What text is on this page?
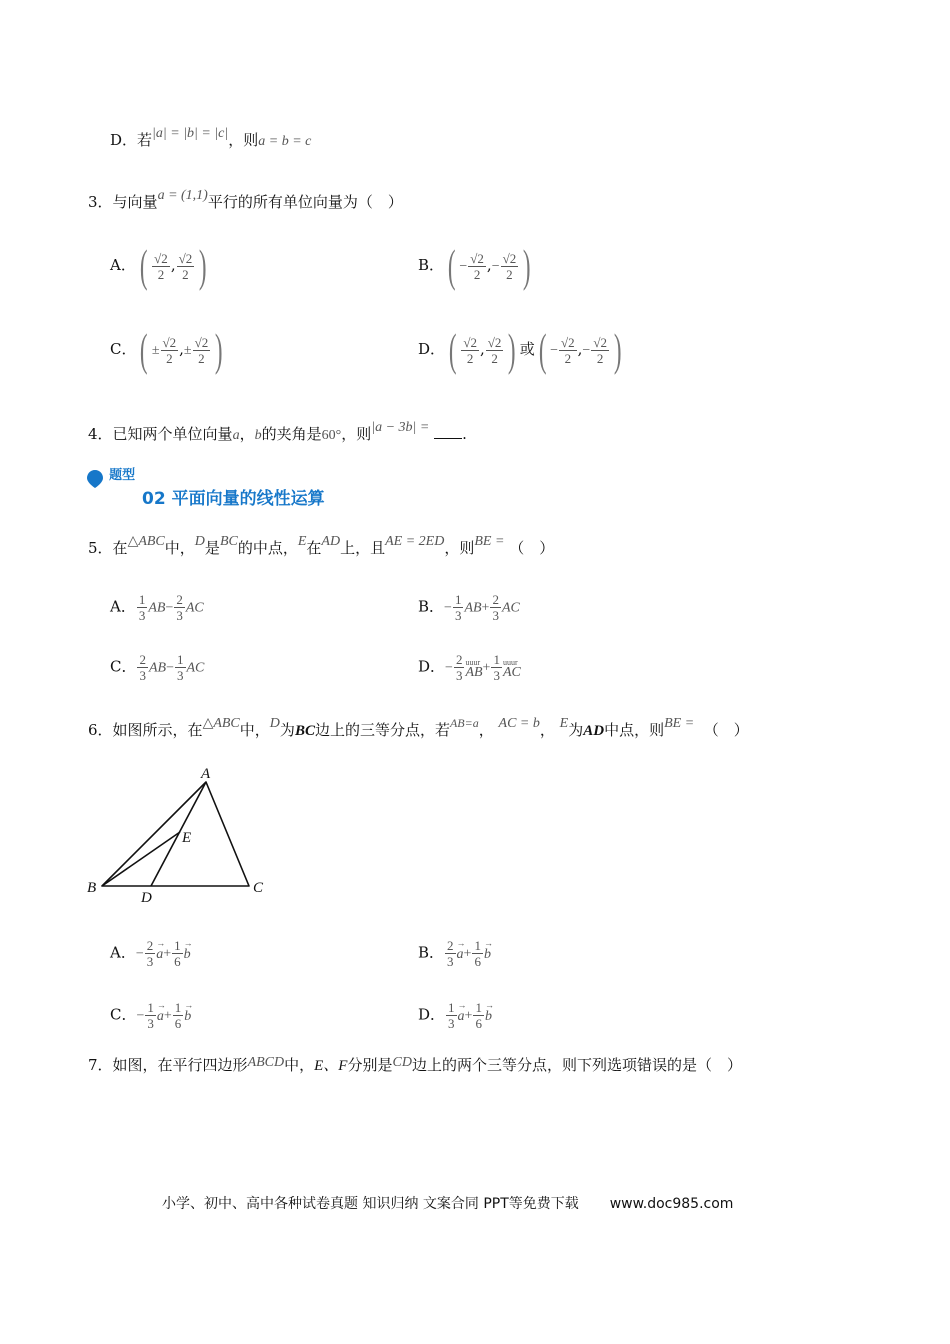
D．若|a| = |b| = |c|，则a = b = c
3．与向量a = (1,1)平行的所有单位向量为（　）
A．( $\frac{√2}{2}$ , $\frac{√2}{2}$ )	B．( − $\frac{√2}{2}$ ,− $\frac{√2}{2}$ )
C．( ± $\frac{√2}{2}$ ,± $\frac{√2}{2}$ )	D．( $\frac{√2}{2}$ , $\frac{√2}{2}$ ) 或( − $\frac{√2}{2}$ ,− $\frac{√2}{2}$ )
4．已知两个单位向量a，b的夹角是60°，则|a − 3b| = .
$^{题型}$
02 平面向量的线性运算
5．在△ABC中，D是BC的中点，E在AD上，且AE = 2ED，则BE = （　）
A． $\frac{1}{3} AB- \frac{2}{3}$ AC	B．− $\frac{1}{3} AB+ \frac{2}{3}$ AC
C． $\frac{2}{3} AB- \frac{1}{3}$ AC	D．− $\frac{2}{3}$ uuur
AB + $\frac{1}{3}$ uuur
AC
6．如图所示，在△ABC中，D为BC边上的三等分点，若$^{AB=a}$， AC = b， E为AD中点，则BE = （　）
A
B	C
D
E
A．− $\frac{2}{3}$
→ $a+ \frac{1}{6}$
→ b	B． $\frac{2}{3}$
→ $a+ \frac{1}{6}$
→ b
C．− $\frac{1}{3}$
→ $a+ \frac{1}{6}$
→ b	D． $\frac{1}{3}$
→ $a+ \frac{1}{6}$
→ b
7．如图，在平行四边形ABCD中，E、F分别是CD边上的两个三等分点，则下列选项错误的是（　）
小学、初中、高中各种试卷真题 知识归纳 文案合同 PPT等免费下载 www.doc985.com
